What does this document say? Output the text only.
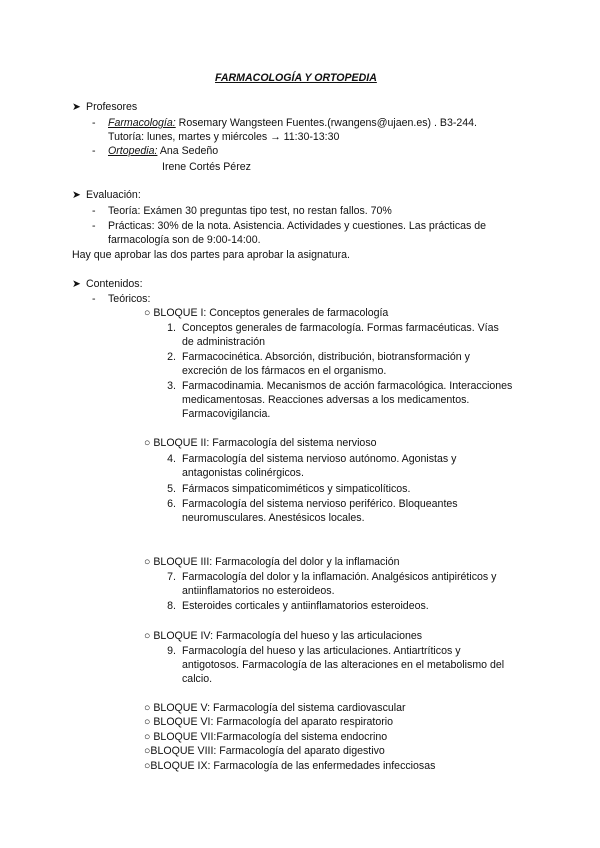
FARMACOLOGÍA Y ORTOPEDIA
➤ Profesores
- Farmacología: Rosemary Wangsteen Fuentes.(rwangens@ujaen.es) . B3-244.
Tutoría: lunes, martes y miércoles → 11:30-13:30
- Ortopedia: Ana Sedeño
Irene Cortés Pérez
➤ Evaluación:
- Teoría: Exámen 30 preguntas tipo test, no restan fallos. 70%
- Prácticas: 30% de la nota. Asistencia. Actividades y cuestiones. Las prácticas de
farmacología son de 9:00-14:00.
Hay que aprobar las dos partes para aprobar la asignatura.
➤ Contenidos:
- Teóricos:
○ BLOQUE I: Conceptos generales de farmacología
1. Conceptos generales de farmacología. Formas farmacéuticas. Vías
de administración
2. Farmacocinética. Absorción, distribución, biotransformación y
excreción de los fármacos en el organismo.
3. Farmacodinamia. Mecanismos de acción farmacológica. Interacciones
medicamentosas. Reacciones adversas a los medicamentos.
Farmacovigilancia.
○ BLOQUE II: Farmacología del sistema nervioso
4. Farmacología del sistema nervioso autónomo. Agonistas y
antagonistas colinérgicos.
5. Fármacos simpaticomiméticos y simpaticolíticos.
6. Farmacología del sistema nervioso periférico. Bloqueantes
neuromusculares. Anestésicos locales.
○ BLOQUE III: Farmacología del dolor y la inflamación
7. Farmacología del dolor y la inflamación. Analgésicos antipiréticos y
antiinflamatorios no esteroideos.
8. Esteroides corticales y antiinflamatorios esteroideos.
○ BLOQUE IV: Farmacología del hueso y las articulaciones
9. Farmacología del hueso y las articulaciones. Antiartríticos y
antigotosos. Farmacología de las alteraciones en el metabolismo del
calcio.
○ BLOQUE V: Farmacología del sistema cardiovascular
○ BLOQUE VI: Farmacología del aparato respiratorio
○ BLOQUE VII:Farmacología del sistema endocrino
○BLOQUE VIII: Farmacología del aparato digestivo
○BLOQUE IX: Farmacología de las enfermedades infecciosas
